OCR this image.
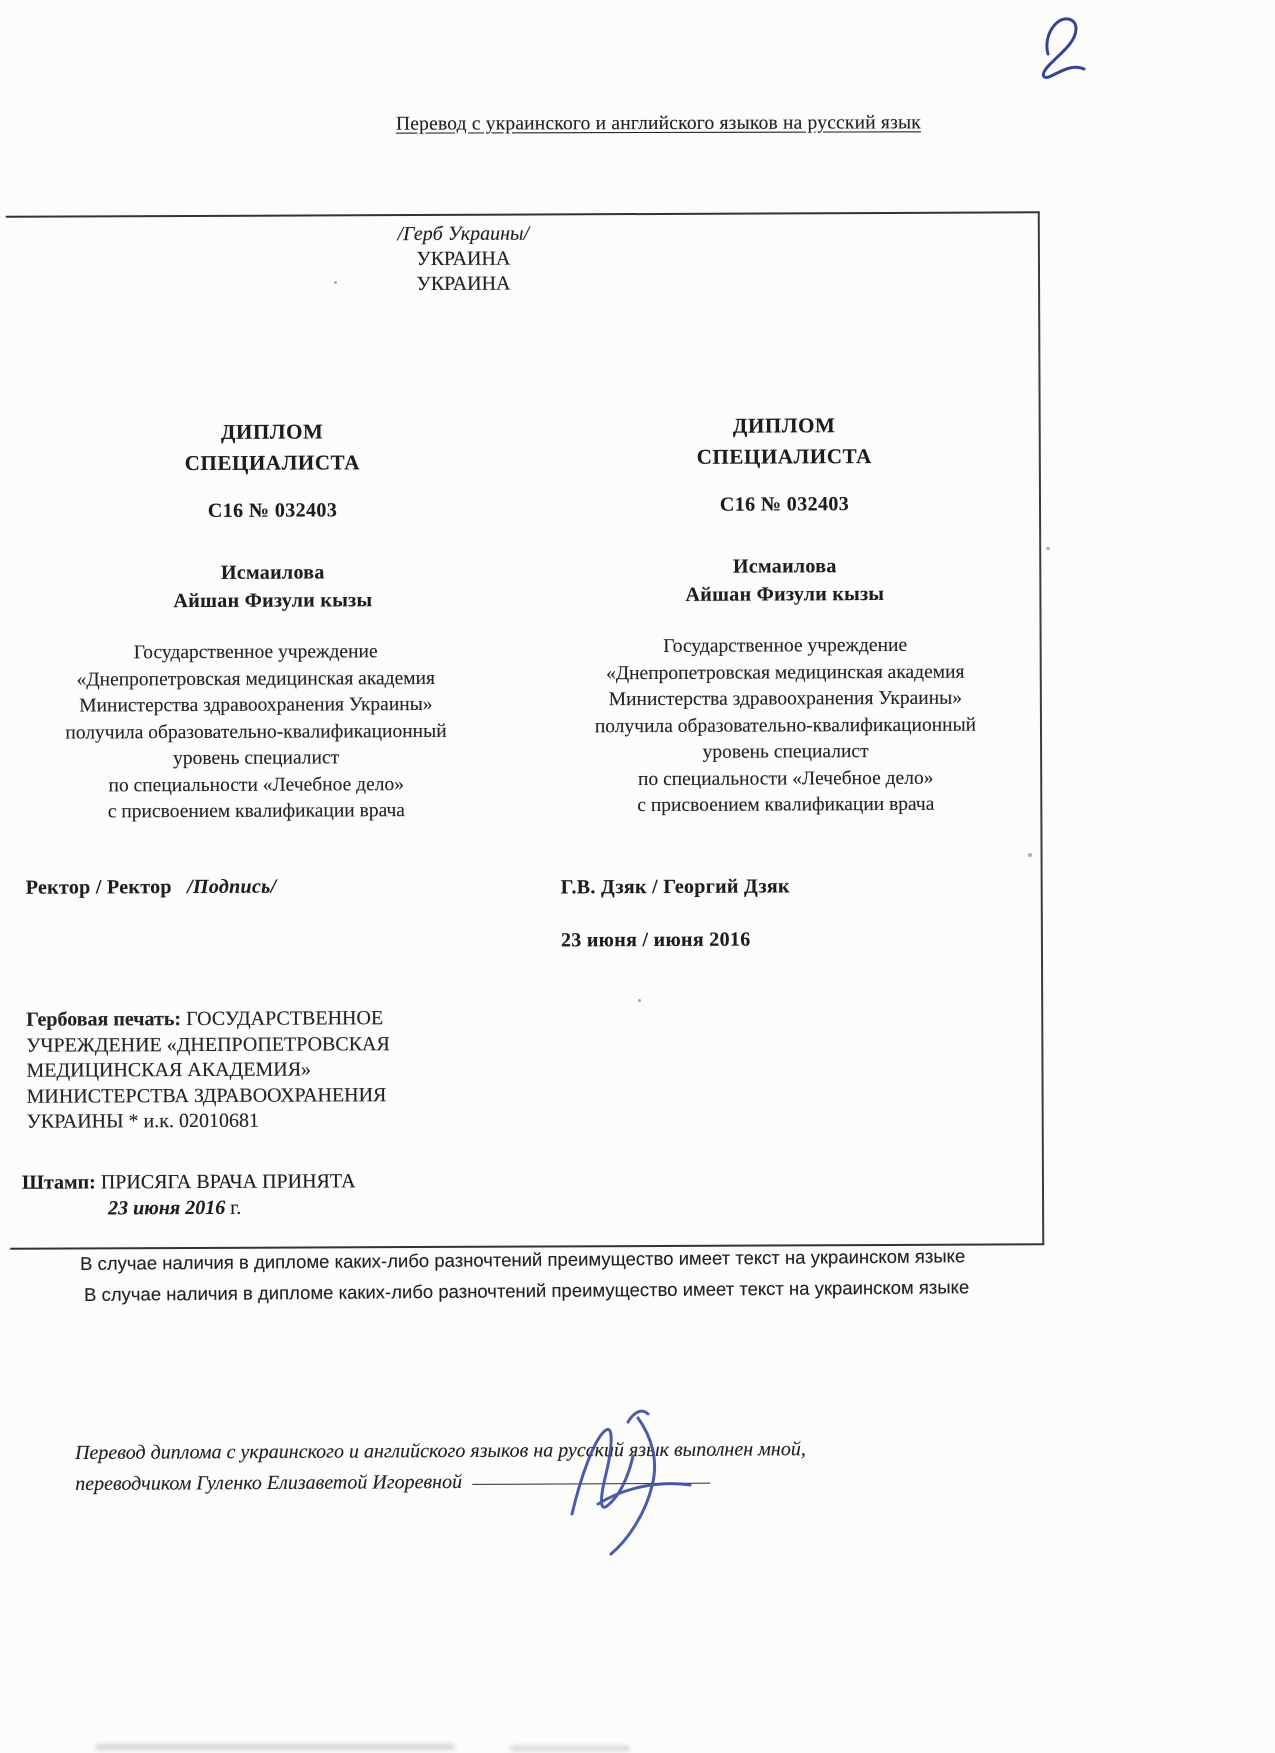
Перевод с украинского и английского языков на русский язык
/Герб Украины/
УКРАИНА
УКРАИНА
ДИПЛОМ
СПЕЦИАЛИСТА
С16 № 032403
Исмаилова
Айшан Физули кызы
Государственное учреждение
«Днепропетровская медицинская академия
Министерства здравоохранения Украины»
получила образовательно-квалификационный
уровень специалист
по специальности «Лечебное дело»
с присвоением квалификации врача
ДИПЛОМ
СПЕЦИАЛИСТА
С16 № 032403
Исмаилова
Айшан Физули кызы
Государственное учреждение
«Днепропетровская медицинская академия
Министерства здравоохранения Украины»
получила образовательно-квалификационный
уровень специалист
по специальности «Лечебное дело»
с присвоением квалификации врача
Ректор / Ректор /Подпись/	Г.В. Дзяк / Георгий Дзяк
23 июня / июня 2016
Гербовая печать: ГОСУДАРСТВЕННОЕ
УЧРЕЖДЕНИЕ «ДНЕПРОПЕТРОВСКАЯ
МЕДИЦИНСКАЯ АКАДЕМИЯ»
МИНИСТЕРСТВА ЗДРАВООХРАНЕНИЯ
УКРАИНЫ * и.к. 02010681
Штамп: ПРИСЯГА ВРАЧА ПРИНЯТА
23 июня 2016 г.
В случае наличия в дипломе каких-либо разночтений преимущество имеет текст на украинском языке
В случае наличия в дипломе каких-либо разночтений преимущество имеет текст на украинском языке
Перевод диплома с украинского и английского языков на русский язык выполнен мной,
переводчиком Гуленко Елизаветой Игоревной
